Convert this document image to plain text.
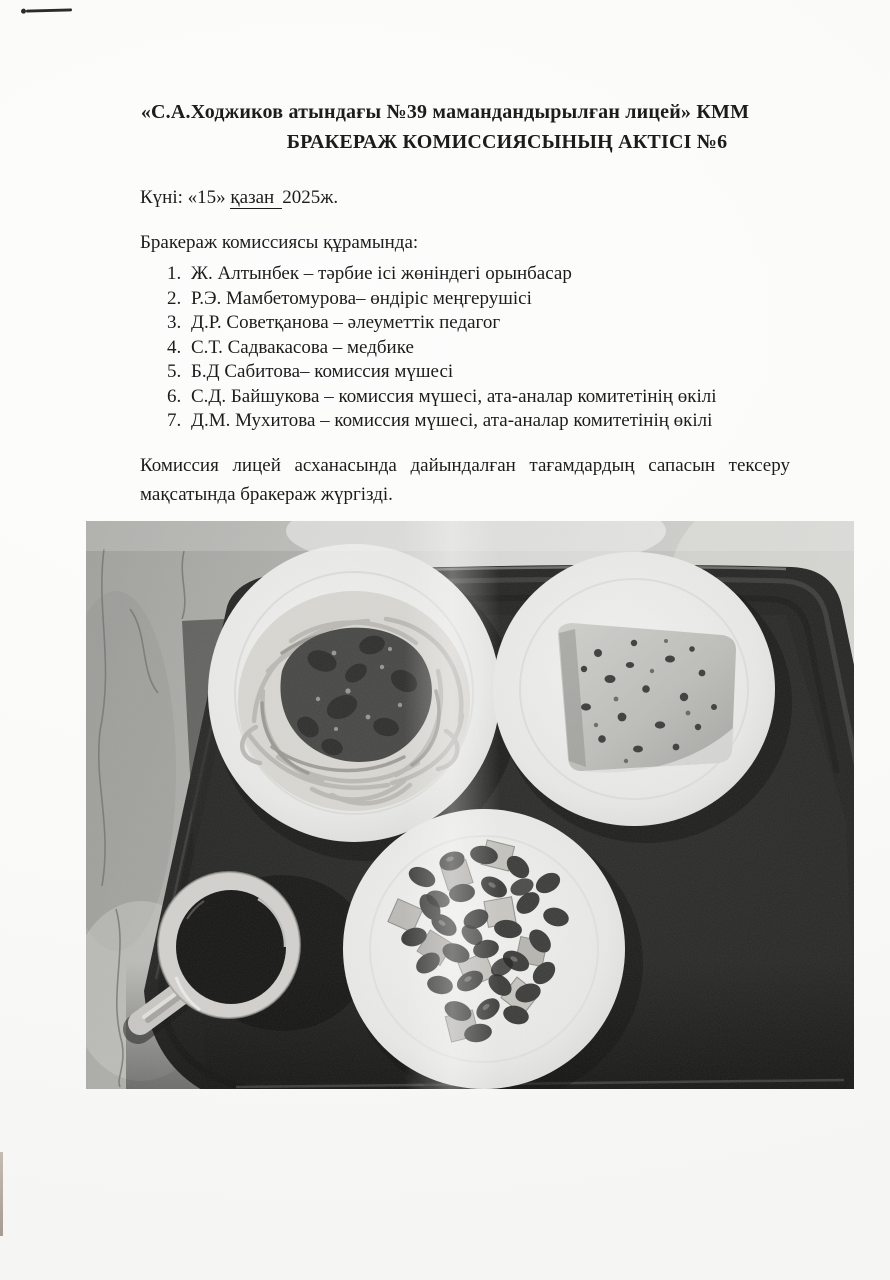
«С.А.Ходжиков атындағы №39 мамандандырылған лицей» КММ
БРАКЕРАЖ КОМИССИЯСЫНЫҢ АКТІСІ №6
Күні: «15» қазан 2025ж.
Бракераж комиссиясы құрамында:
1. Ж. Алтынбек – тәрбие ісі жөніндегі орынбасар
2. Р.Э. Мамбетомурова– өндіріс меңгерушісі
3. Д.Р. Советқанова – әлеуметтік педагог
4. С.Т. Садвакасова – медбике
5. Б.Д Сабитова– комиссия мүшесі
6. С.Д. Байшукова – комиссия мүшесі, ата-аналар комитетінің өкілі
7. Д.М. Мухитова – комиссия мүшесі, ата-аналар комитетінің өкілі

Комиссия лицей асханасында дайындалған тағамдардың сапасын тексеру мақсатында бракераж жүргізді.
